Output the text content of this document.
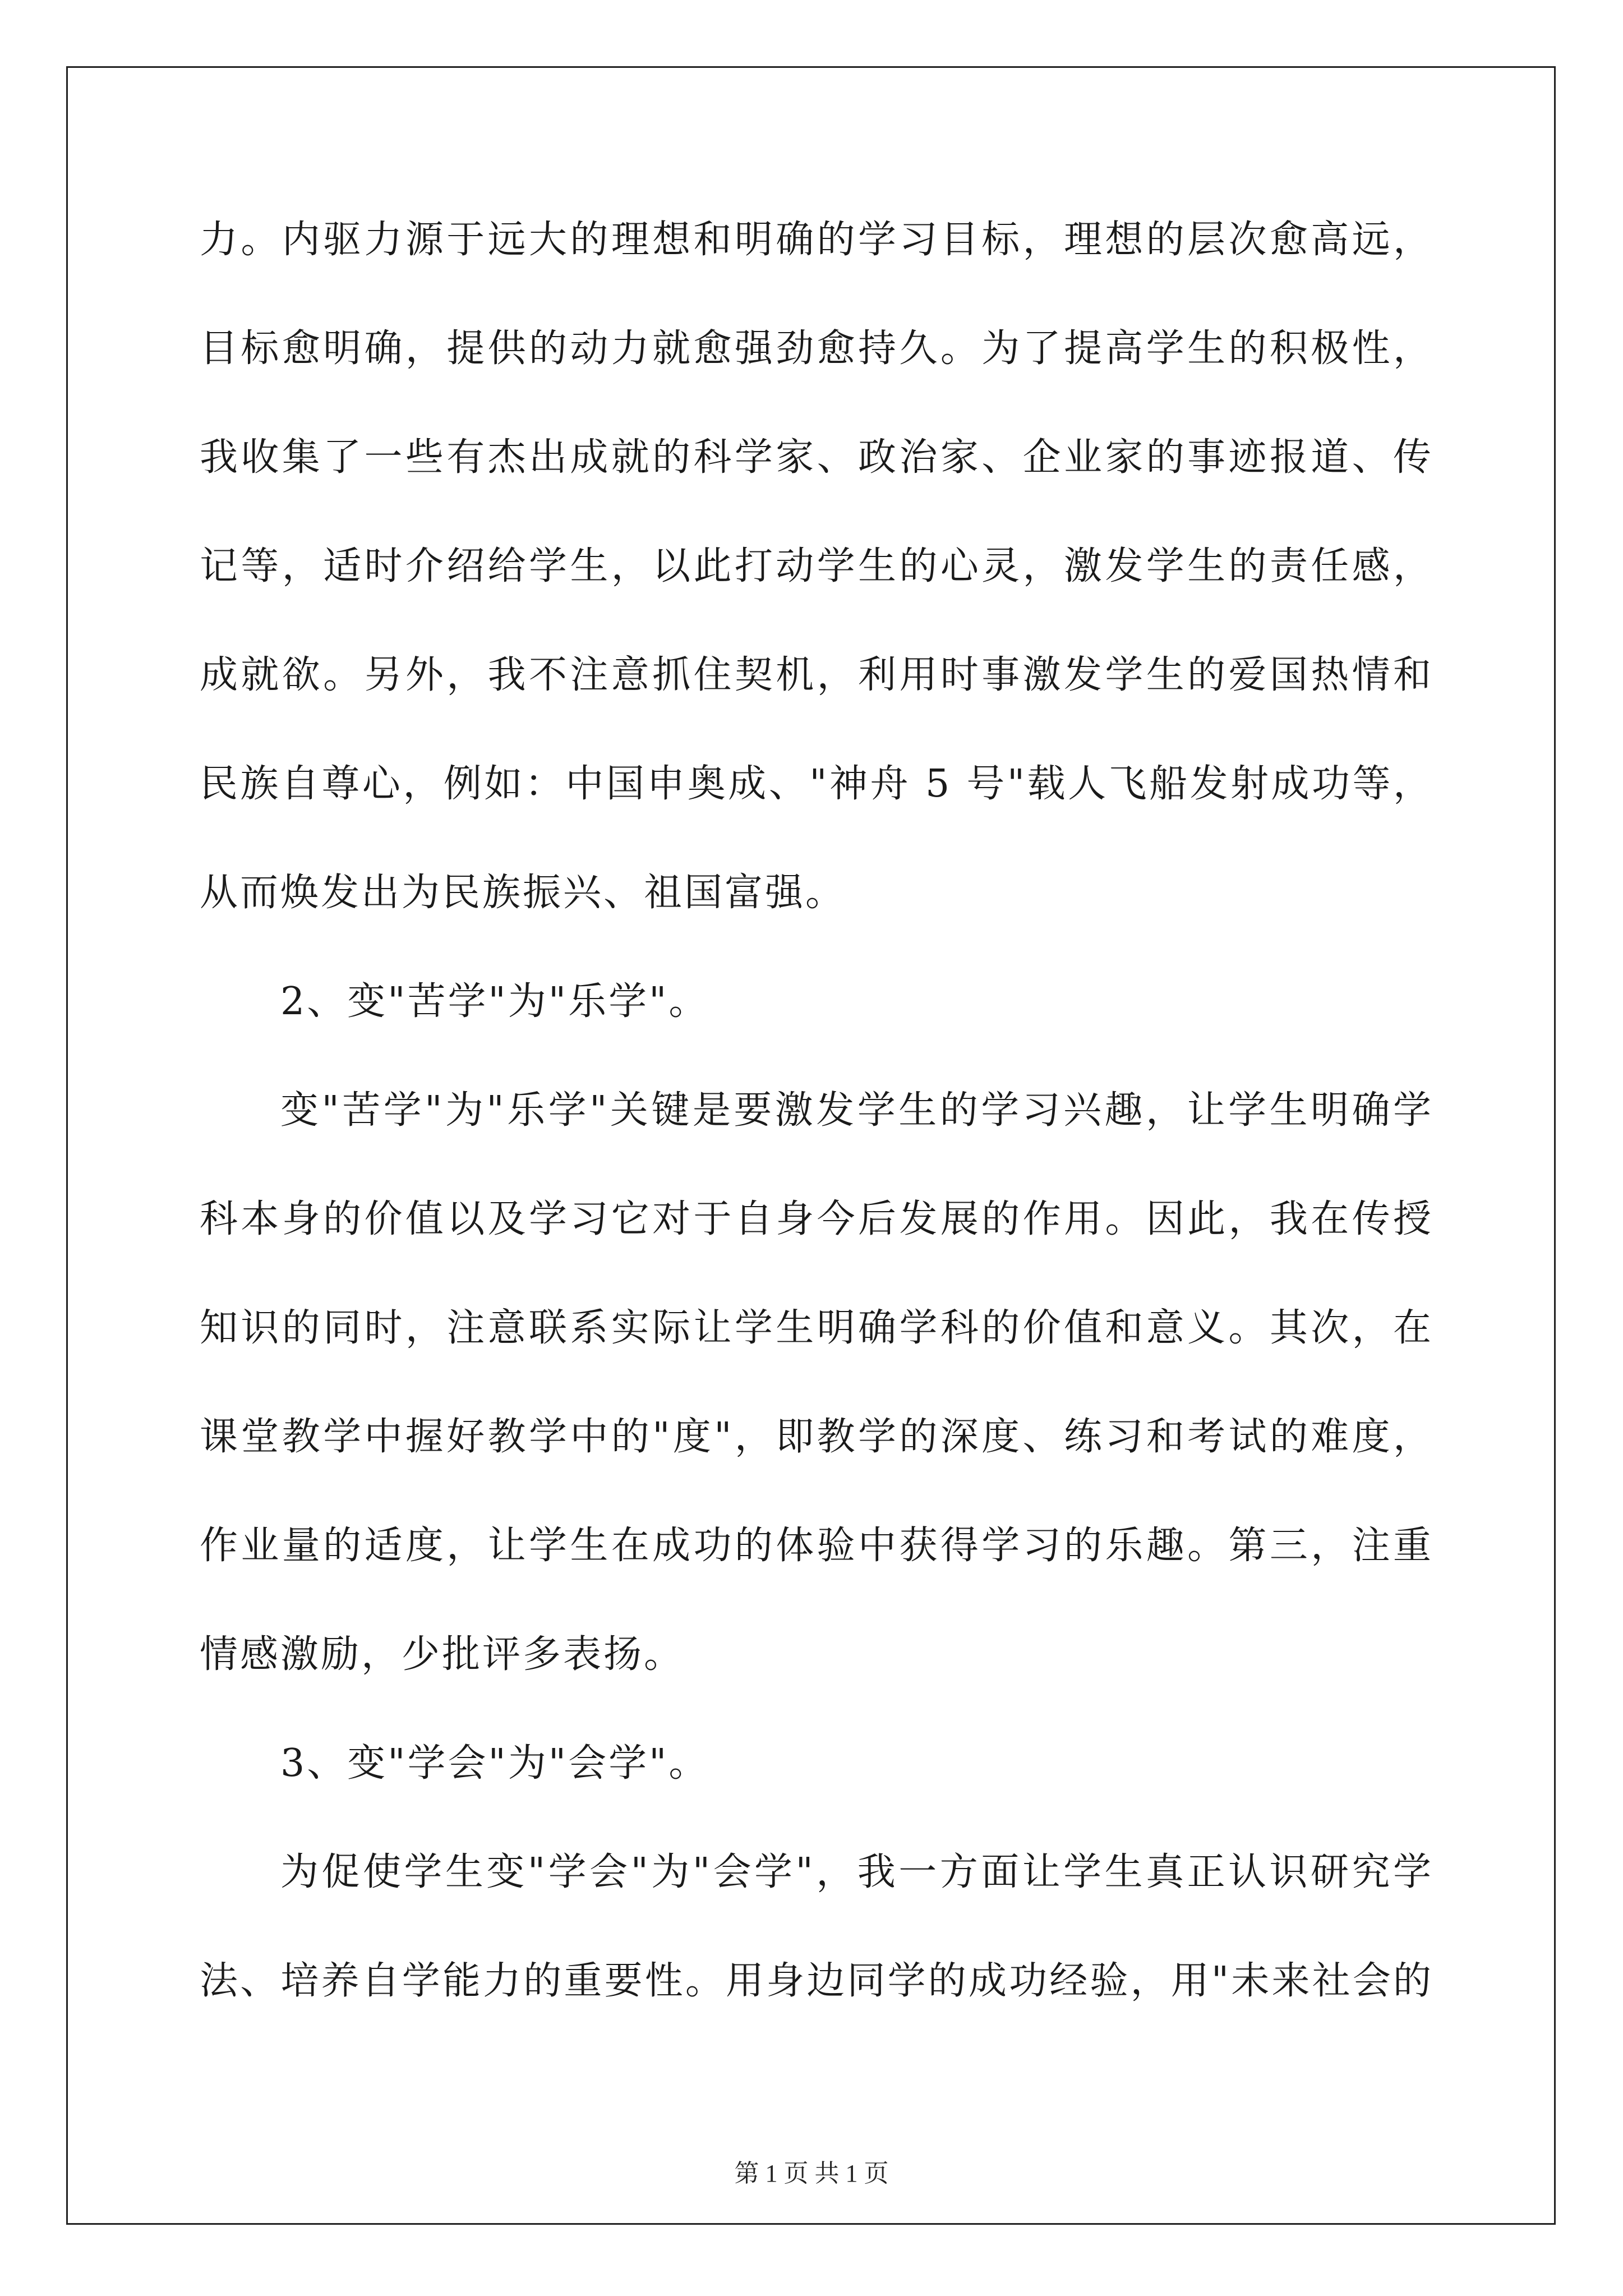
力。内驱力源于远大的理想和明确的学习目标，理想的层次愈高远，
目标愈明确，提供的动力就愈强劲愈持久。为了提高学生的积极性，
我收集了一些有杰出成就的科学家、政治家、企业家的事迹报道、传
记等，适时介绍给学生，以此打动学生的心灵，激发学生的责任感，
成就欲。另外，我不注意抓住契机，利用时事激发学生的爱国热情和
民族自尊心，例如：中国申奥成、"神舟 5 号"载人飞船发射成功等，
从而焕发出为民族振兴、祖国富强。
2、变"苦学"为"乐学"。
变"苦学"为"乐学"关键是要激发学生的学习兴趣，让学生明确学
科本身的价值以及学习它对于自身今后发展的作用。因此，我在传授
知识的同时，注意联系实际让学生明确学科的价值和意义。其次，在
课堂教学中握好教学中的"度"，即教学的深度、练习和考试的难度，
作业量的适度，让学生在成功的体验中获得学习的乐趣。第三，注重
情感激励，少批评多表扬。
3、变"学会"为"会学"。
为促使学生变"学会"为"会学"，我一方面让学生真正认识研究学
法、培养自学能力的重要性。用身边同学的成功经验，用"未来社会的
第 1 页 共 1 页
